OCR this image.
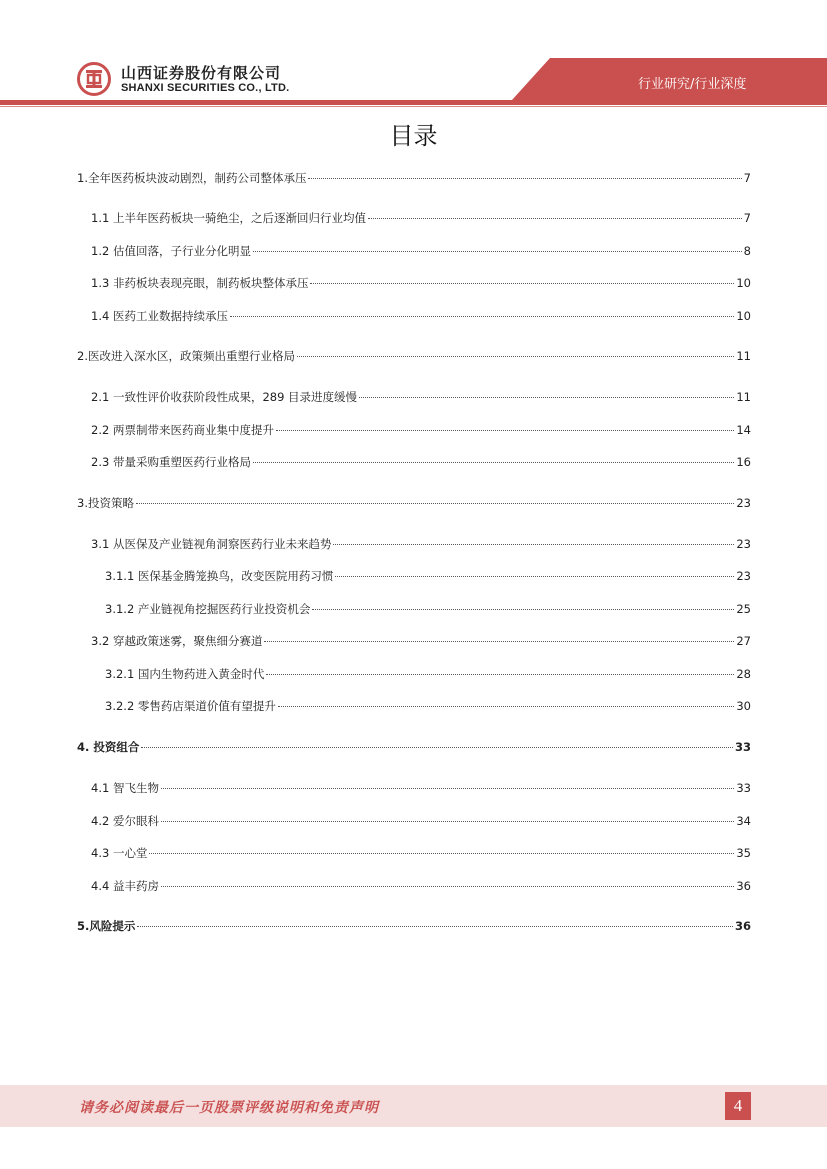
山西证券股份有限公司
SHANXI SECURITIES CO., LTD.	行业研究/行业深度
目录
1.全年医药板块波动剧烈，制药公司整体承压	7
1.1 上半年医药板块一骑绝尘，之后逐渐回归行业均值	7
1.2 估值回落，子行业分化明显	8
1.3 非药板块表现亮眼，制药板块整体承压	10
1.4 医药工业数据持续承压	10
2.医改进入深水区，政策频出重塑行业格局	11
2.1 一致性评价收获阶段性成果，289 目录进度缓慢	11
2.2 两票制带来医药商业集中度提升	14
2.3 带量采购重塑医药行业格局	16
3.投资策略	23
3.1 从医保及产业链视角洞察医药行业未来趋势	23
3.1.1 医保基金腾笼换鸟，改变医院用药习惯	23
3.1.2 产业链视角挖掘医药行业投资机会	25
3.2 穿越政策迷雾，聚焦细分赛道	27
3.2.1 国内生物药进入黄金时代	28
3.2.2 零售药店渠道价值有望提升	30
4. 投资组合	33
4.1 智飞生物	33
4.2 爱尔眼科	34
4.3 一心堂	35
4.4 益丰药房	36
5.风险提示	36
请务必阅读最后一页股票评级说明和免责声明	4
